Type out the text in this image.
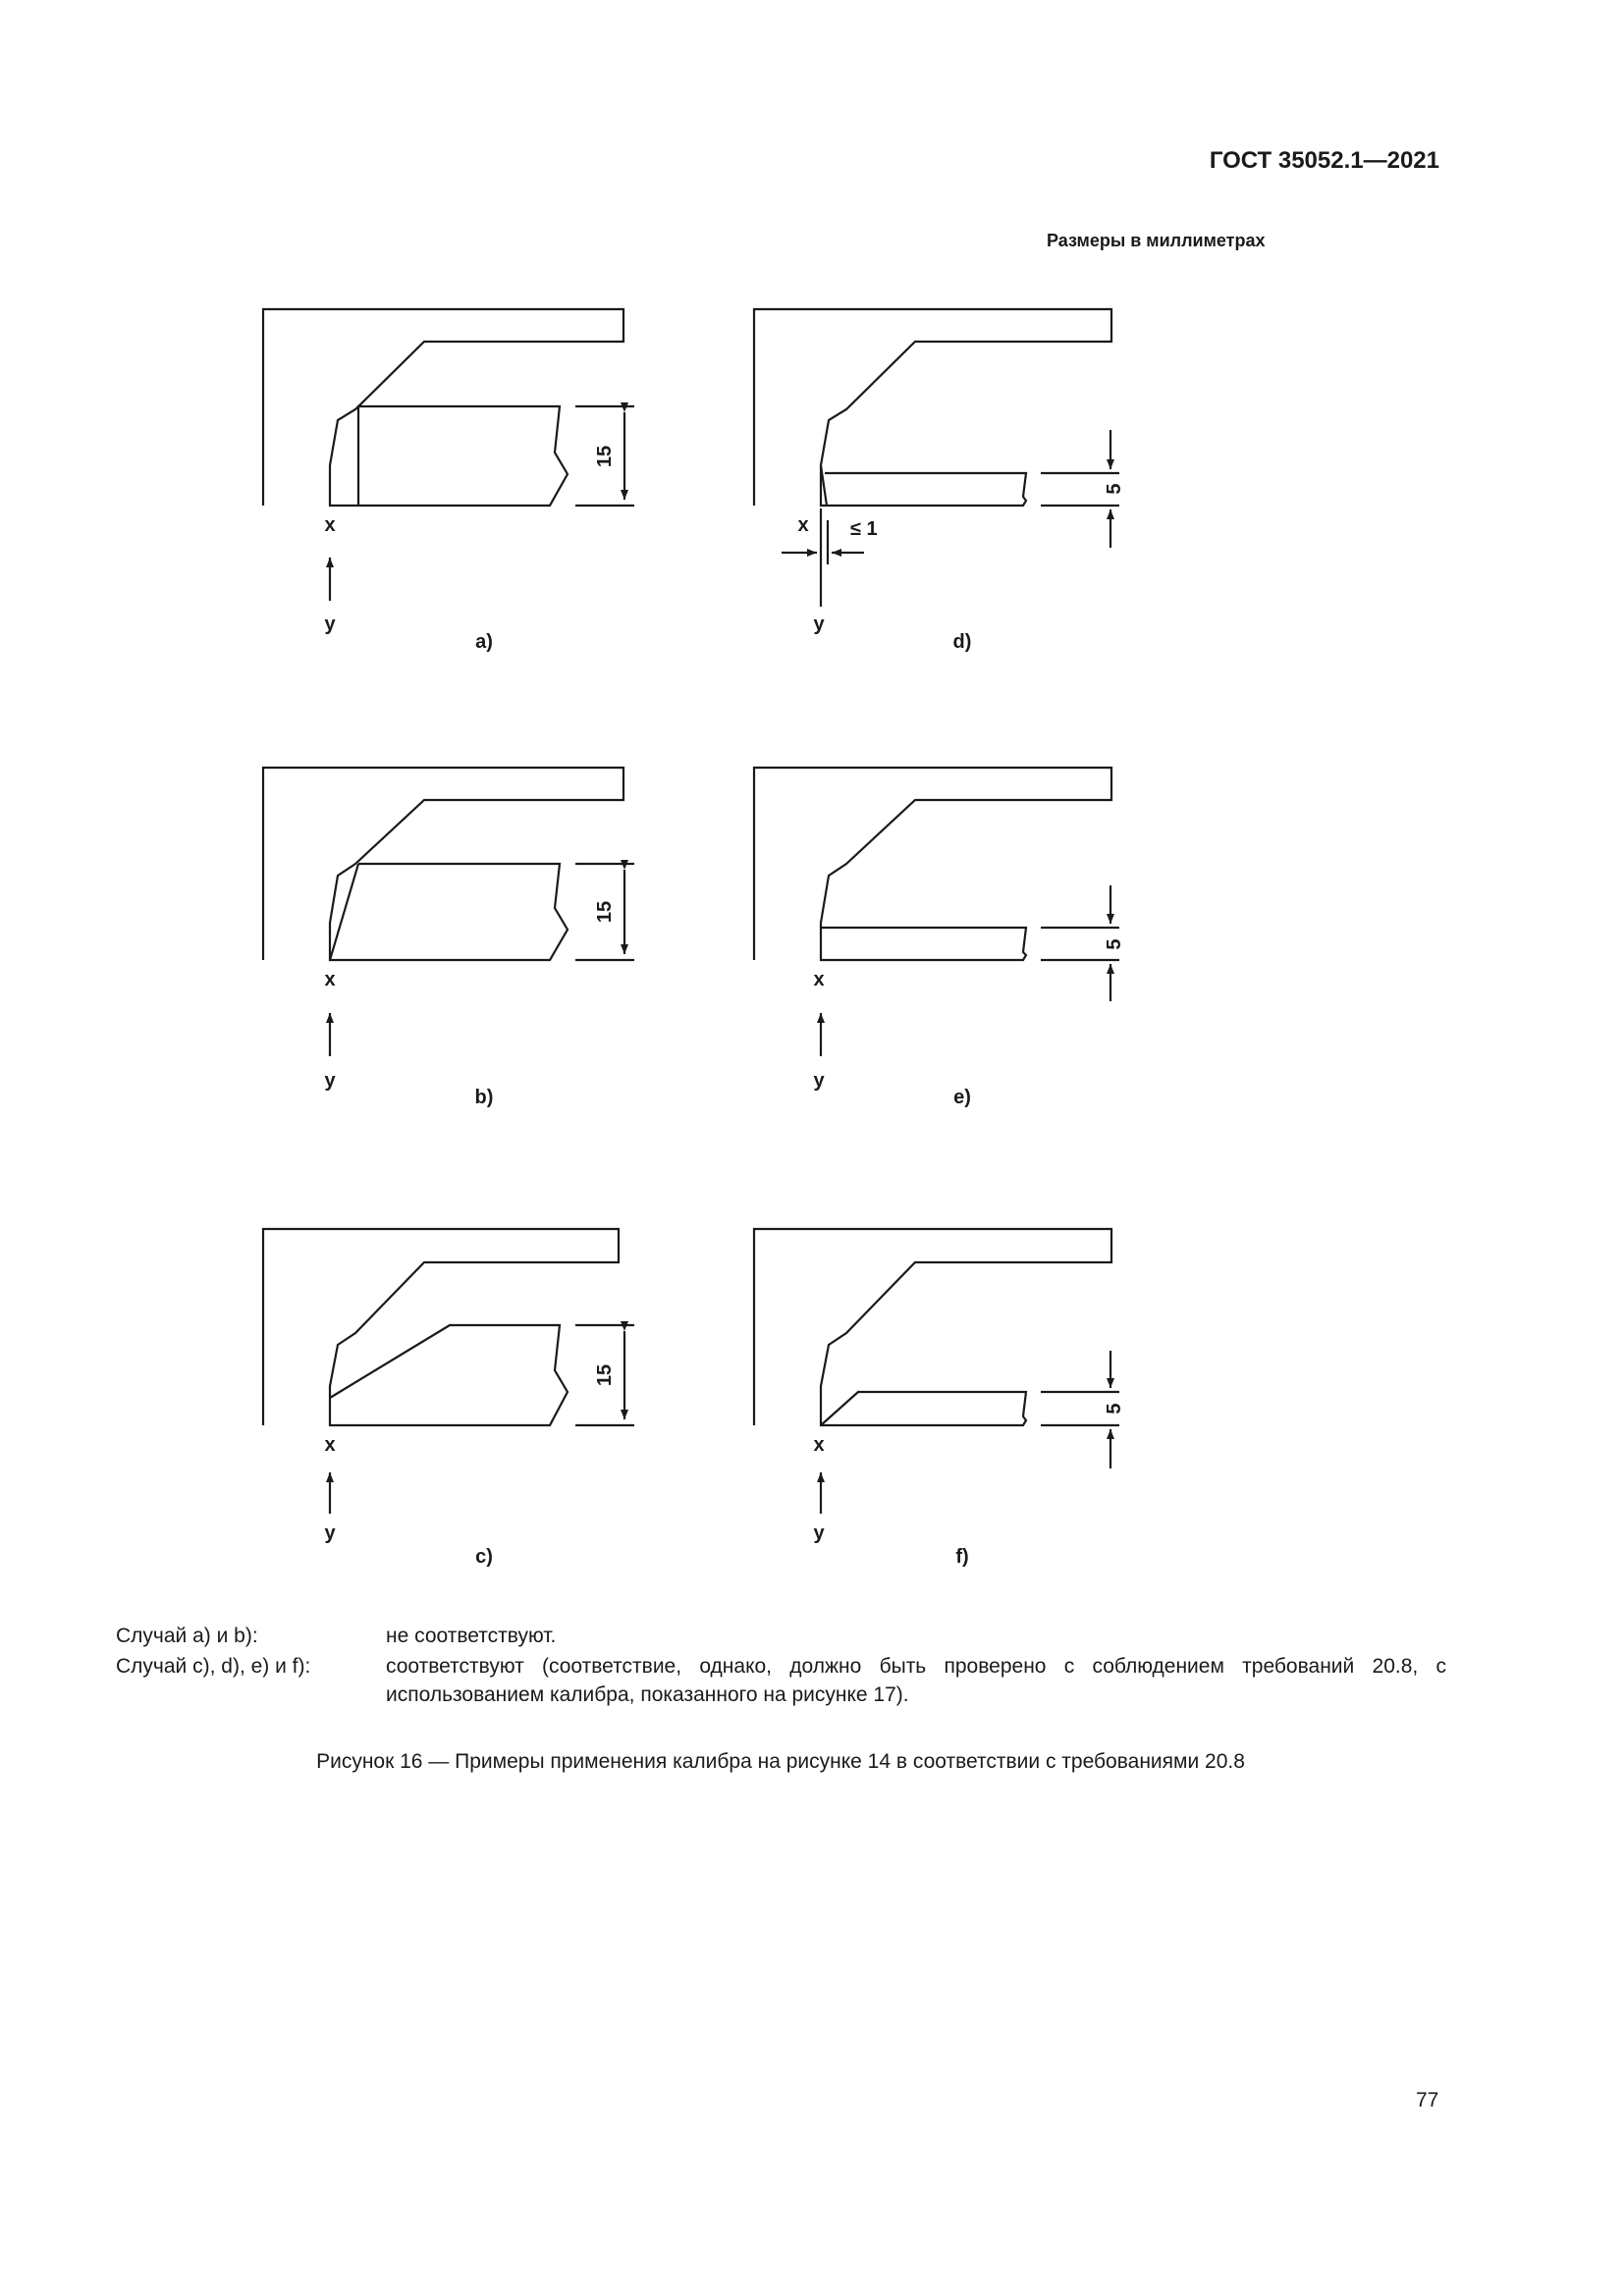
ГОСТ 35052.1—2021
Размеры в миллиметрах
x
y
a)
15
x
y
b)
15
x
y
c)
15
x ≤ 1
y
d)
5
x
y
e)
5
x
y
f)
5
Случай a) и b):	не соответствуют.
Случай c), d), e) и f):	соответствуют (соответствие, однако, должно быть проверено с соблюдением требований 20.8, с использованием калибра, показанного на рисунке 17).
Рисунок 16 — Примеры применения калибра на рисунке 14 в соответствии с требованиями 20.8
77
